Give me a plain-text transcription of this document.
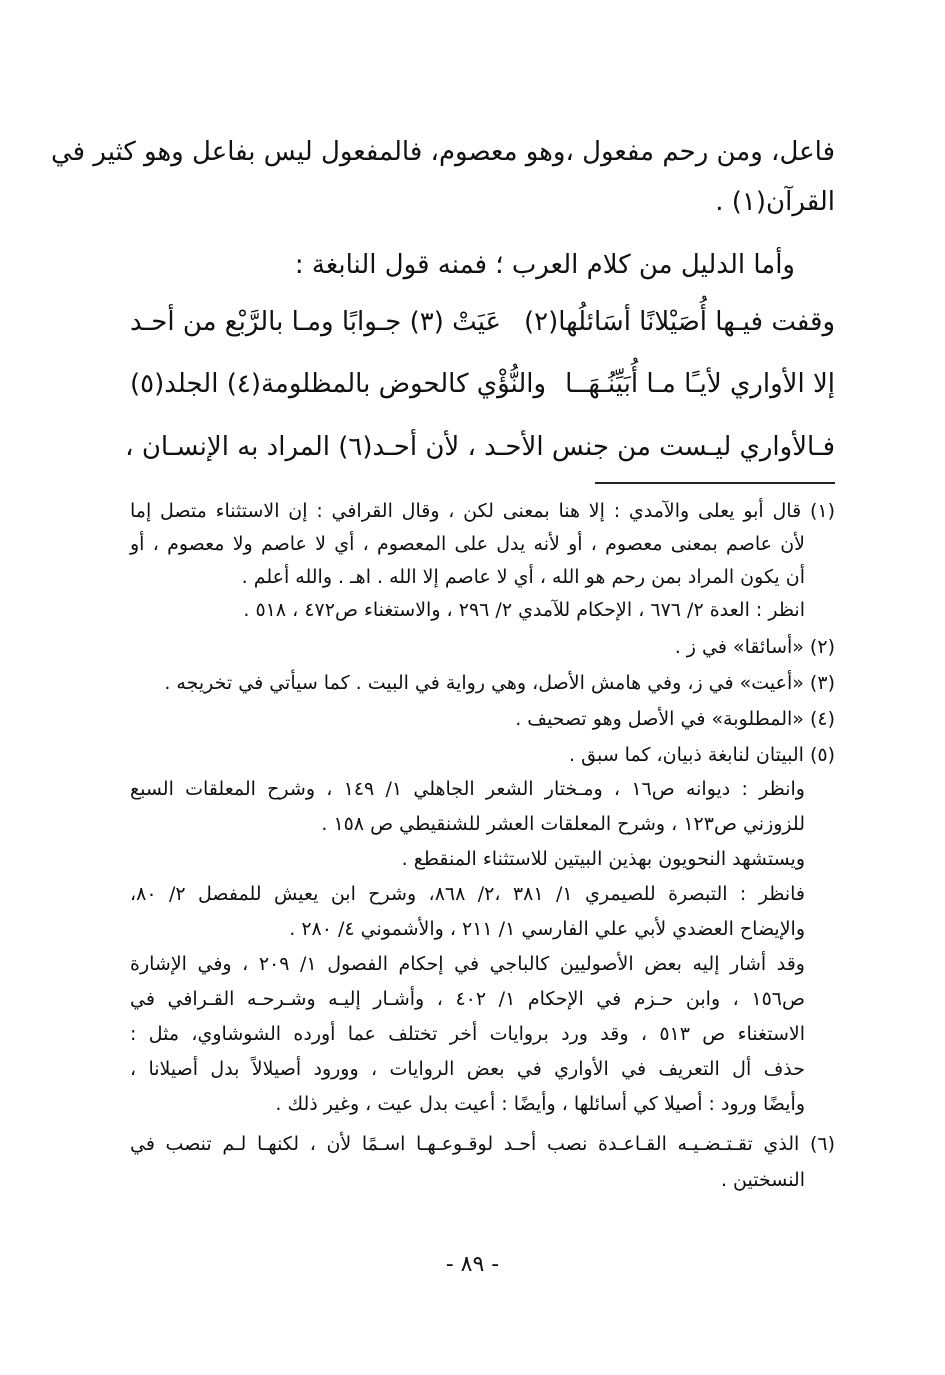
فاعل، ومن رحم مفعول ،وهو معصوم، فالمفعول ليس بفاعل وهو كثير في
القرآن(١) .
وأما الدليل من كلام العرب ؛ فمنه قول النابغة :
وقفت فيـها أُصَيْلانًا أسَائلُها(٢)
عَيَتْ (٣) جـوابًا ومـا بالرَّبْع من أحـد
إلا الأواري لأيـًا مـا أُبَيِّنُـهَــا
والنُّؤْي كالحوض بالمظلومة(٤) الجلد(٥)
فـالأواري ليـست من جنس الأحـد ، لأن أحـد(٦) المراد به الإنسـان ،
(١) قال أبو يعلى والآمدي : إلا هنا بمعنى لكن ، وقال القرافي : إن الاستثناء متصل إما
لأن عاصم بمعنى معصوم ، أو لأنه يدل على المعصوم ، أي لا عاصم ولا معصوم ، أو
أن يكون المراد بمن رحم هو الله ، أي لا عاصم إلا الله . اهـ . والله أعلم .
انظر : العدة ٢/ ٦٧٦ ، الإحكام للآمدي ٢/ ٢٩٦ ، والاستغناء ص٤٧٢ ، ٥١٨ .
(٢) «أسائقا» في ز .
(٣) «أعيت» في ز، وفي هامش الأصل، وهي رواية في البيت . كما سيأتي في تخريجه .
(٤) «المطلوبة» في الأصل وهو تصحيف .
(٥) البيتان لنابغة ذبيان، كما سبق .
وانظر : ديوانه ص١٦ ، ومـختار الشعر الجاهلي ١/ ١٤٩ ، وشرح المعلقات السبع
للزوزني ص١٢٣ ، وشرح المعلقات العشر للشنقيطي ص ١٥٨ .
ويستشهد النحويون بهذين البيتين للاستثناء المنقطع .
فانظر : التبصرة للصيمري ١/ ٣٨١ ،٢/ ٨٦٨، وشرح ابن يعيش للمفصل ٢/ ٨٠،
والإيضاح العضدي لأبي علي الفارسي ١/ ٢١١ ، والأشموني ٤/ ٢٨٠ .
وقد أشار إليه بعض الأصوليين كالباجي في إحكام الفصول ١/ ٢٠٩ ، وفي الإشارة
ص١٥٦ ، وابن حـزم في الإحكام ١/ ٤٠٢ ، وأشـار إليـه وشـرحـه القـرافي في
الاستغناء ص ٥١٣ ، وقد ورد بروايات أخر تختلف عما أورده الشوشاوي، مثل :
حذف أل التعريف في الأواري في بعض الروايات ، وورود أصيلالاً بدل أصيلانا ،
وأيضًا ورود : أصيلا كي أسائلها ، وأيضًا : أعيت بدل عيت ، وغير ذلك .
(٦) الذي تقـتـضـيـه القـاعـدة نصب أحـد لوقـوعـهـا اسـمًا لأن ، لكنهـا لـم تنصب في
النسختين .
- ٨٩ -
